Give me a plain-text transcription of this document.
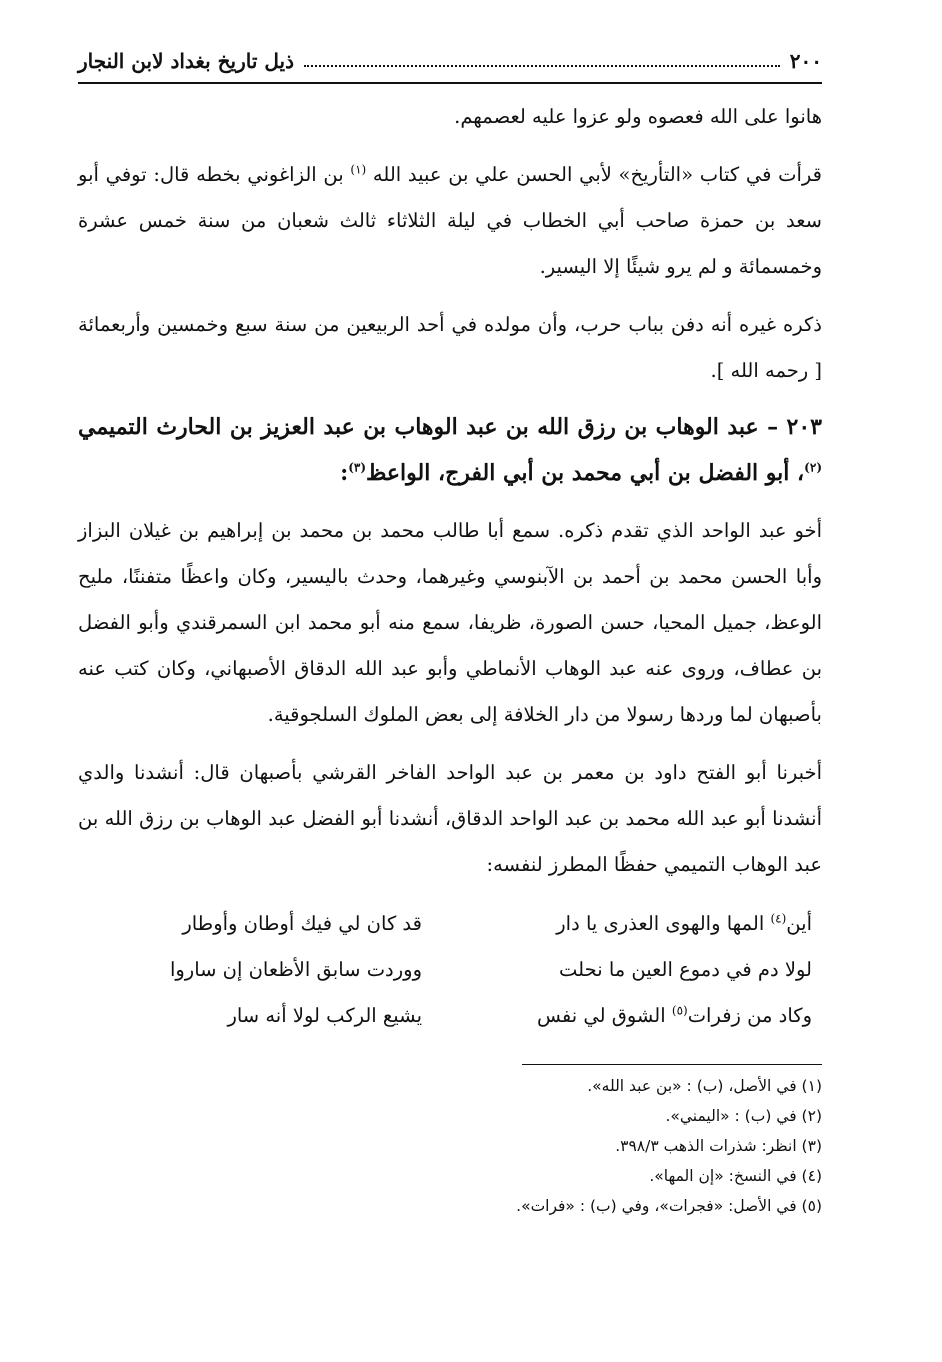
٢٠٠
ذيل تاريخ بغداد لابن النجار

هانوا على الله فعصوه ولو عزوا عليه لعصمهم.

قرأت في كتاب «التأريخ» لأبي الحسن علي بن عبيد الله $^{(١)}$ بن الزاغوني بخطه قال: توفي أبو سعد بن حمزة صاحب أبي الخطاب في ليلة الثلاثاء ثالث شعبان من سنة خمس عشرة وخمسمائة و لم يرو شيئًا إلا اليسير.

ذكره غيره أنه دفن بباب حرب، وأن مولده في أحد الربيعين من سنة سبع وخمسين وأربعمائة [ رحمه الله ].

٢٠٣ – عبد الوهاب بن رزق الله بن عبد الوهاب بن عبد العزيز بن الحارث التميمي $^{(٢)}$، أبو الفضل بن أبي محمد بن أبي الفرج، الواعظ$^{(٣)}$:

أخو عبد الواحد الذي تقدم ذكره. سمع أبا طالب محمد بن محمد بن إبراهيم بن غيلان البزاز وأبا الحسن محمد بن أحمد بن الآبنوسي وغيرهما، وحدث باليسير، وكان واعظًا متفننًا، مليح الوعظ، جميل المحيا، حسن الصورة، ظريفا، سمع منه أبو محمد ابن السمرقندي وأبو الفضل بن عطاف، وروى عنه عبد الوهاب الأنماطي وأبو عبد الله الدقاق الأصبهاني، وكان كتب عنه بأصبهان لما وردها رسولا من دار الخلافة إلى بعض الملوك السلجوقية.

أخبرنا أبو الفتح داود بن معمر بن عبد الواحد الفاخر القرشي بأصبهان قال: أنشدنا والدي أنشدنا أبو عبد الله محمد بن عبد الواحد الدقاق، أنشدنا أبو الفضل عبد الوهاب بن رزق الله بن عبد الوهاب التميمي حفظًا المطرز لنفسه:

أين$^{(٤)}$ المها والهوى العذرى يا دار
قد كان لي فيك أوطان وأوطار
لولا دم في دموع العين ما نحلت
ووردت سابق الأظعان إن ساروا
وكاد من زفرات$^{(٥)}$ الشوق لي نفس
يشيع الركب لولا أنه سار
(١) في الأصل، (ب) : «بن عبد الله».
(٢) في (ب) : «اليمني».
(٣) انظر: شذرات الذهب ٣٩٨/٣.
(٤) في النسخ: «إن المها».
(٥) في الأصل: «فجرات»، وفي (ب) : «فرات».
